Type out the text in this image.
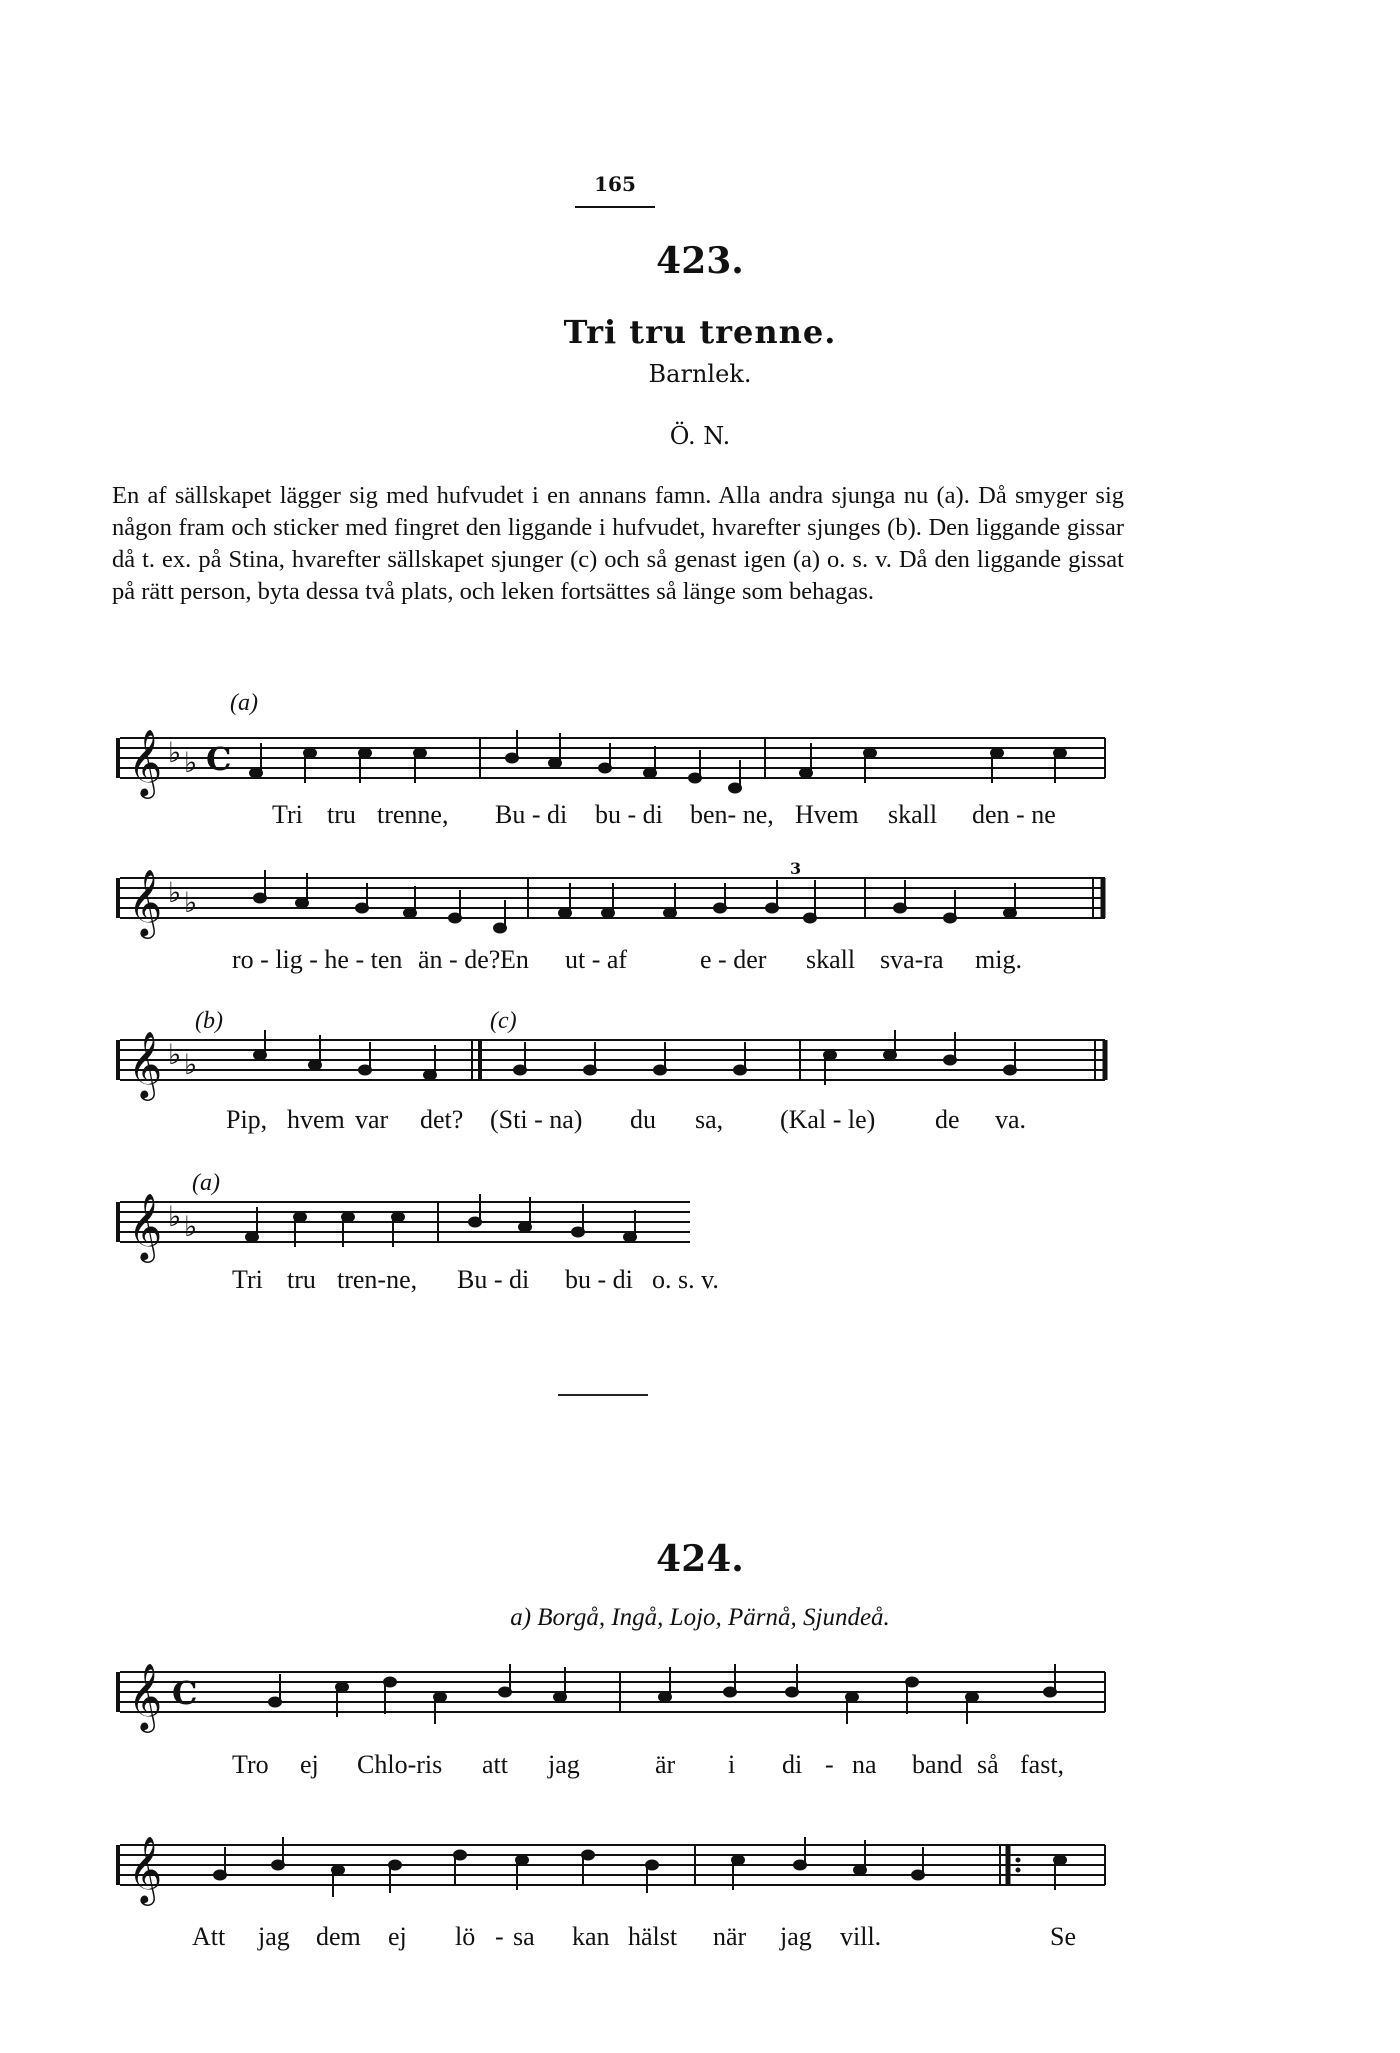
165
423.
Tri tru trenne.
Barnlek.
Ö. N.
En af sällskapet lägger sig med hufvudet i en annans famn. Alla andra sjunga nu (a). Då smyger sig någon fram och sticker med fingret den liggande i hufvudet, hvarefter sjunges (b). Den liggande gissar då t. ex. på Stina, hvarefter sällskapet sjunger (c) och så genast igen (a) o. s. v. Då den liggande gissat på rätt person, byta dessa två plats, och leken fortsättes så länge som behagas.
𝄞 ♭ ♭ C
(a)
Tri tru trenne, Bu - di bu - di ben- ne, Hvem skall den - ne
𝄞 ♭ ♭
3
ro - lig - he - ten än - de? En ut - af	e - der skall sva-ra mig.
𝄞 ♭ ♭
(b)	(c)
Pip, hvem var det? (Sti - na) du sa, (Kal - le) de va.
𝄞 ♭ ♭
(a)
Tri tru tren-ne, Bu - di bu - di o. s. v.
424.
a) Borgå, Ingå, Lojo, Pärnå, Sjundeå.
𝄞 C
Tro ej Chlo-ris att jag	är i di - na band så fast,
𝄞
Att jag dem ej lö - sa kan hälst när jag vill.	Se
